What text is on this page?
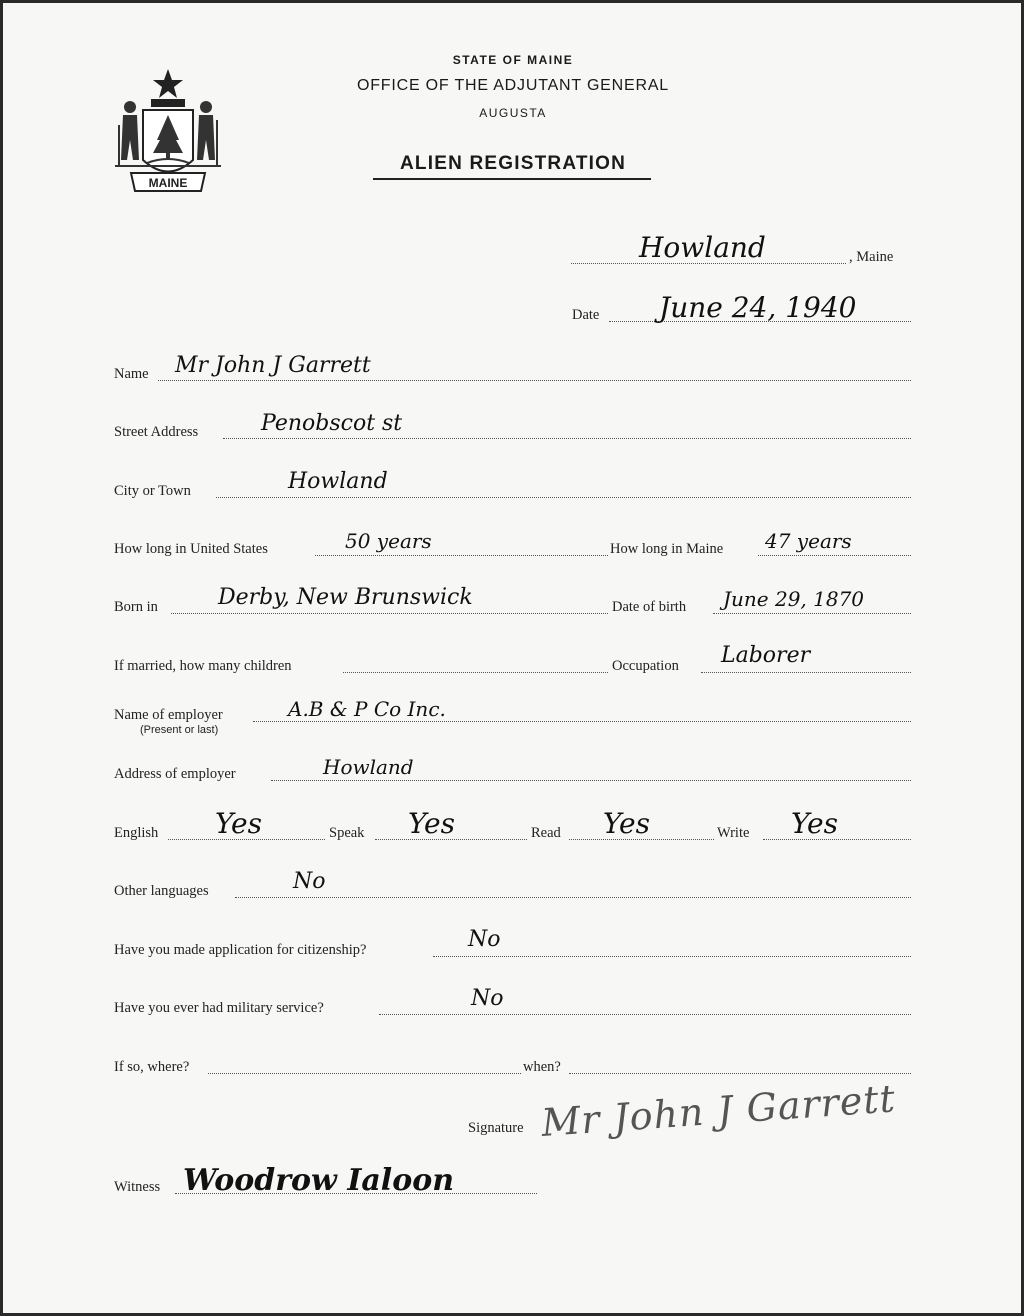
MAINE
STATE OF MAINE
OFFICE OF THE ADJUTANT GENERAL
AUGUSTA
ALIEN REGISTRATION
Howland	, Maine
Date June 24, 1940
Name Mr John J Garrett
Street Address	Penobscot st
City or Town	Howland
How long in United States	50 years	How long in Maine 47 years
Born in	Derby, New Brunswick	Date of birth June 29, 1870
If married, how many children	Occupation Laborer
Name of employer
(Present or last)
A.B & P Co Inc.
Address of employer	Howland
English Yes	Speak Yes	Read Yes	Write Yes
Other languages	No
Have you made application for citizenship?	No
Have you ever had military service?	No
If so, where?	when?
Signature Mr John J Garrett
Witness Woodrow Ialoon
